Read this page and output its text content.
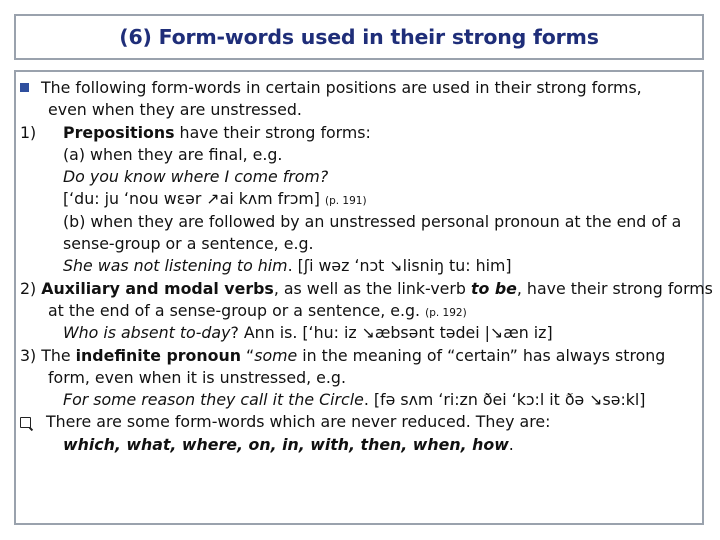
(6) Form-words used in their strong forms
The following form-words in certain positions are used in their strong forms,
even when they are unstressed.
1) Prepositions have their strong forms:
(a) when they are final, e.g.
Do you know where I come from?
[ʻdu: ju ʻnou wɛər ↗ai kʌm frɔm] (p. 191)
(b) when they are followed by an unstressed personal pronoun at the end of a
sense-group or a sentence, e.g.
She was not listening to him. [ʃi wəz ʻnɔt ↘lisniŋ tu: him]
2) Auxiliary and modal verbs, as well as the link-verb to be, have their strong forms
at the end of a sense-group or a sentence, e.g. (p. 192)
Who is absent to-day? Ann is. [ʻhu: iz ↘æbsənt tədei |↘æn iz]
3) The indefinite pronoun “some in the meaning of “certain” has always strong
form, even when it is unstressed, e.g.
For some reason they call it the Circle. [fə sʌm ʻri:zn ðei ʻkɔ:l it ðə ↘sə:kl]
There are some form-words which are never reduced. They are:
which, what, where, on, in, with, then, when, how.
